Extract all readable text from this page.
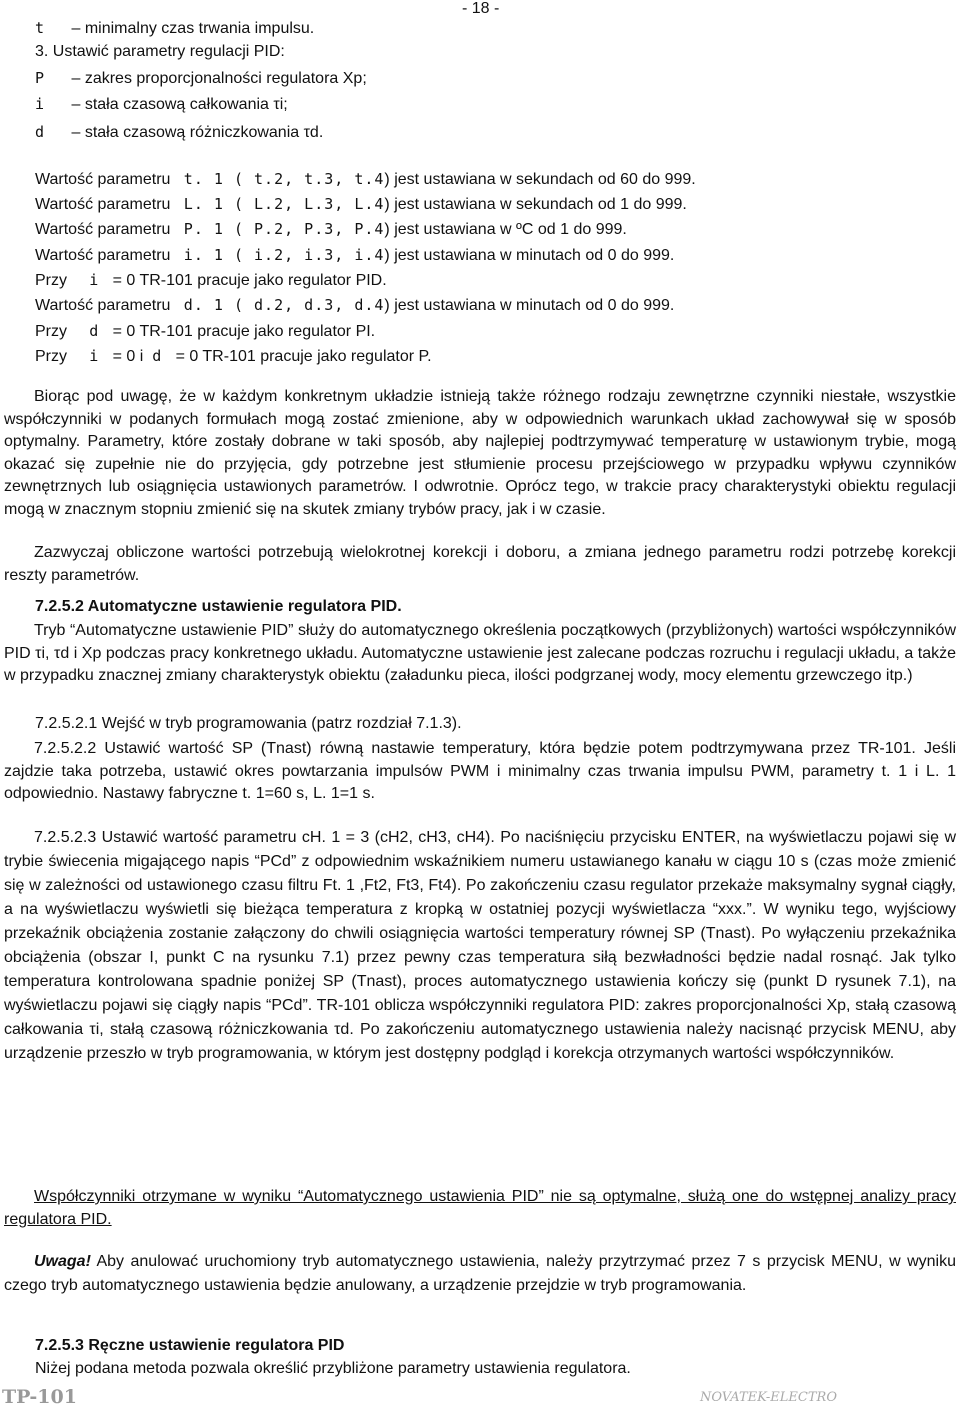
- 18 -
t – minimalny czas trwania impulsu.
3. Ustawić parametry regulacji PID:
P – zakres proporcjonalności regulatora Xp;
i – stała czasową całkowania τi;
d – stała czasową różniczkowania τd.
Wartość parametru t. 1 ( t.2, t.3, t.4) jest ustawiana w sekundach od 60 do 999.
Wartość parametru L. 1 ( L.2, L.3, L.4) jest ustawiana w sekundach od 1 do 999.
Wartość parametru P. 1 ( P.2, P.3, P.4) jest ustawiana w ºC od 1 do 999.
Wartość parametru i. 1 ( i.2, i.3, i.4) jest ustawiana w minutach od 0 do 999.
Przy i = 0 TR-101 pracuje jako regulator PID.
Wartość parametru d. 1 ( d.2, d.3, d.4) jest ustawiana w minutach od 0 do 999.
Przy d = 0 TR-101 pracuje jako regulator PI.
Przy i = 0 i d = 0 TR-101 pracuje jako regulator P.

Biorąc pod uwagę, że w każdym konkretnym układzie istnieją także różnego rodzaju zewnętrzne czynniki niestałe, wszystkie współczynniki w podanych formułach mogą zostać zmienione, aby w odpowiednich warunkach układ zachowywał się w sposób optymalny. Parametry, które zostały dobrane w taki sposób, aby najlepiej podtrzymywać temperaturę w ustawionym trybie, mogą okazać się zupełnie nie do przyjęcia, gdy potrzebne jest stłumienie procesu przejściowego w przypadku wpływu czynników zewnętrznych lub osiągnięcia ustawionych parametrów. I odwrotnie. Oprócz tego, w trakcie pracy charakterystyki obiektu regulacji mogą w znacznym stopniu zmienić się na skutek zmiany trybów pracy, jak i w czasie.

Zazwyczaj obliczone wartości potrzebują wielokrotnej korekcji i doboru, a zmiana jednego parametru rodzi potrzebę korekcji reszty parametrów.

7.2.5.2 Automatyczne ustawienie regulatora PID.

Tryb “Automatyczne ustawienie PID” służy do automatycznego określenia początkowych (przybliżonych) wartości współczynników PID τi, τd i Xp podczas pracy konkretnego układu. Automatyczne ustawienie jest zalecane podczas rozruchu i regulacji układu, a także w przypadku znacznej zmiany charakterystyk obiektu (załadunku pieca, ilości podgrzanej wody, mocy elementu grzewczego itp.)

7.2.5.2.1 Wejść w tryb programowania (patrz rozdział 7.1.3).

7.2.5.2.2 Ustawić wartość SP (Tnast) równą nastawie temperatury, która będzie potem podtrzymywana przez TR-101. Jeśli zajdzie taka potrzeba, ustawić okres powtarzania impulsów PWM i minimalny czas trwania impulsu PWM, parametry t. 1 i L. 1 odpowiednio. Nastawy fabryczne t. 1=60 s, L. 1=1 s.

7.2.5.2.3 Ustawić wartość parametru cH. 1 = 3 (cH2, cH3, cH4). Po naciśnięciu przycisku ENTER, na wyświetlaczu pojawi się w trybie świecenia migającego napis “PCd” z odpowiednim wskaźnikiem numeru ustawianego kanału w ciągu 10 s (czas może zmienić się w zależności od ustawionego czasu filtru Ft. 1 ,Ft2, Ft3, Ft4). Po zakończeniu czasu regulator przekaże maksymalny sygnał ciągły, a na wyświetlaczu wyświetli się bieżąca temperatura z kropką w ostatniej pozycji wyświetlacza “xxx.”. W wyniku tego, wyjściowy przekaźnik obciążenia zostanie załączony do chwili osiągnięcia wartości temperatury równej SP (Tnast). Po wyłączeniu przekaźnika obciążenia (obszar I, punkt C na rysunku 7.1) przez pewny czas temperatura siłą bezwładności będzie nadal rosnąć. Jak tylko temperatura kontrolowana spadnie poniżej SP (Tnast), proces automatycznego ustawienia kończy się (punkt D rysunek 7.1), na wyświetlaczu pojawi się ciągły napis “PCd”. TR-101 oblicza współczynniki regulatora PID: zakres proporcjonalności Xp, stałą czasową całkowania τi, stałą czasową różniczkowania τd. Po zakończeniu automatycznego ustawienia należy nacisnąć przycisk MENU, aby urządzenie przeszło w tryb programowania, w którym jest dostępny podgląd i korekcja otrzymanych wartości współczynników.

Współczynniki otrzymane w wyniku “Automatycznego ustawienia PID” nie są optymalne, służą one do wstępnej analizy pracy regulatora PID.

Uwaga! Aby anulować uruchomiony tryb automatycznego ustawienia, należy przytrzymać przez 7 s przycisk MENU, w wyniku czego tryb automatycznego ustawienia będzie anulowany, a urządzenie przejdzie w tryb programowania.

7.2.5.3 Ręczne ustawienie regulatora PID
Niżej podana metoda pozwala określić przybliżone parametry ustawienia regulatora.
TP-101	NOVATEK-ELECTRO
